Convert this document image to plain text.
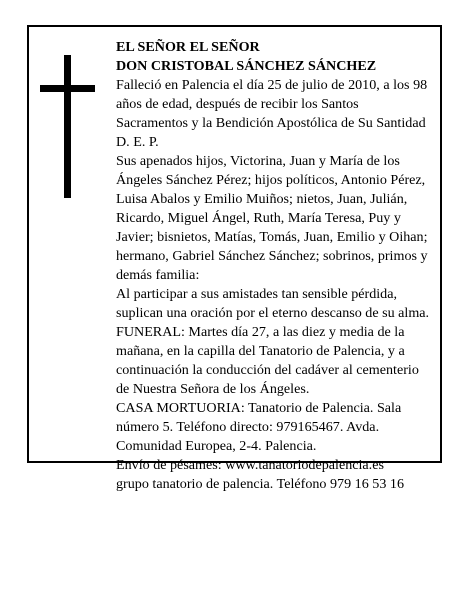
EL SEÑOR EL SEÑOR
DON CRISTOBAL SÁNCHEZ SÁNCHEZ
Falleció en Palencia el día 25 de julio de 2010, a los 98
años de edad, después de recibir los Santos
Sacramentos y la Bendición Apostólica de Su Santidad
D. E. P.
Sus apenados hijos, Victorina, Juan y María de los
Ángeles Sánchez Pérez; hijos políticos, Antonio Pérez,
Luisa Abalos y Emilio Muiños; nietos, Juan, Julián,
Ricardo, Miguel Ángel, Ruth, María Teresa, Puy y
Javier; bisnietos, Matías, Tomás, Juan, Emilio y Oihan;
hermano, Gabriel Sánchez Sánchez; sobrinos, primos y
demás familia:
Al participar a sus amistades tan sensible pérdida,
suplican una oración por el eterno descanso de su alma.
FUNERAL: Martes día 27, a las diez y media de la
mañana, en la capilla del Tanatorio de Palencia, y a
continuación la conducción del cadáver al cementerio
de Nuestra Señora de los Ángeles.
CASA MORTUORIA: Tanatorio de Palencia. Sala
número 5. Teléfono directo: 979165467. Avda.
Comunidad Europea, 2-4. Palencia.
Envío de pésames: www.tanatoriodepalencia.es
grupo tanatorio de palencia. Teléfono 979 16 53 16
